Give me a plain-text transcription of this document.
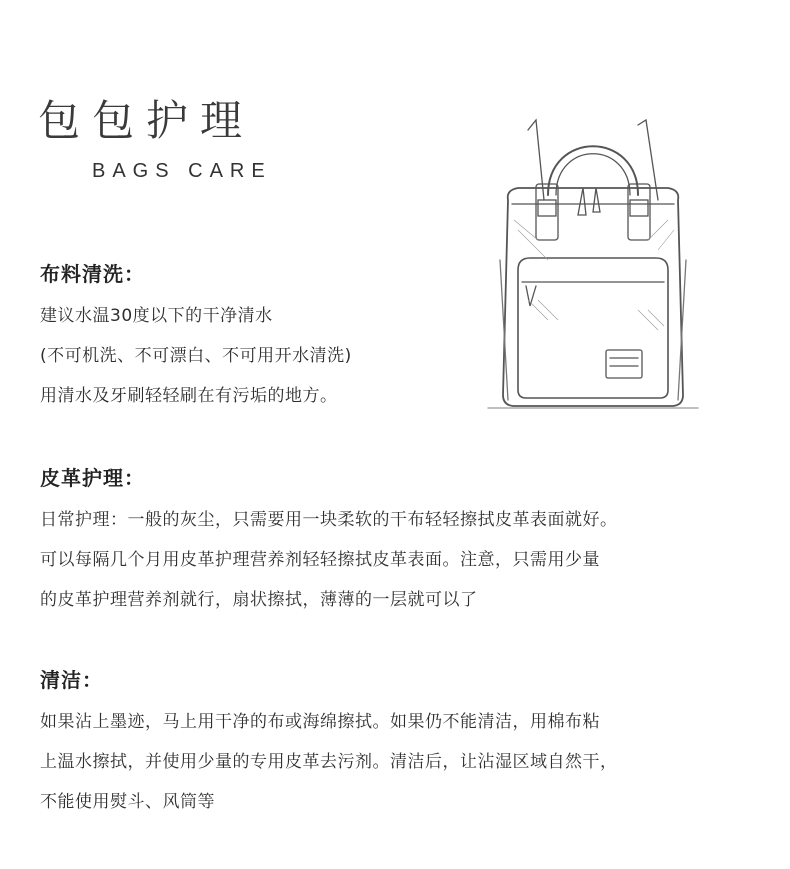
包包护理
BAGS CARE
布料清洗：
建议水温30度以下的干净清水
(不可机洗、不可漂白、不可用开水清洗)
用清水及牙刷轻轻刷在有污垢的地方。
皮革护理：
日常护理：一般的灰尘，只需要用一块柔软的干布轻轻擦拭皮革表面就好。
可以每隔几个月用皮革护理营养剂轻轻擦拭皮革表面。注意，只需用少量
的皮革护理营养剂就行，扇状擦拭，薄薄的一层就可以了
清洁：
如果沾上墨迹，马上用干净的布或海绵擦拭。如果仍不能清洁，用棉布粘
上温水擦拭，并使用少量的专用皮革去污剂。清洁后，让沾湿区域自然干，
不能使用熨斗、风筒等
